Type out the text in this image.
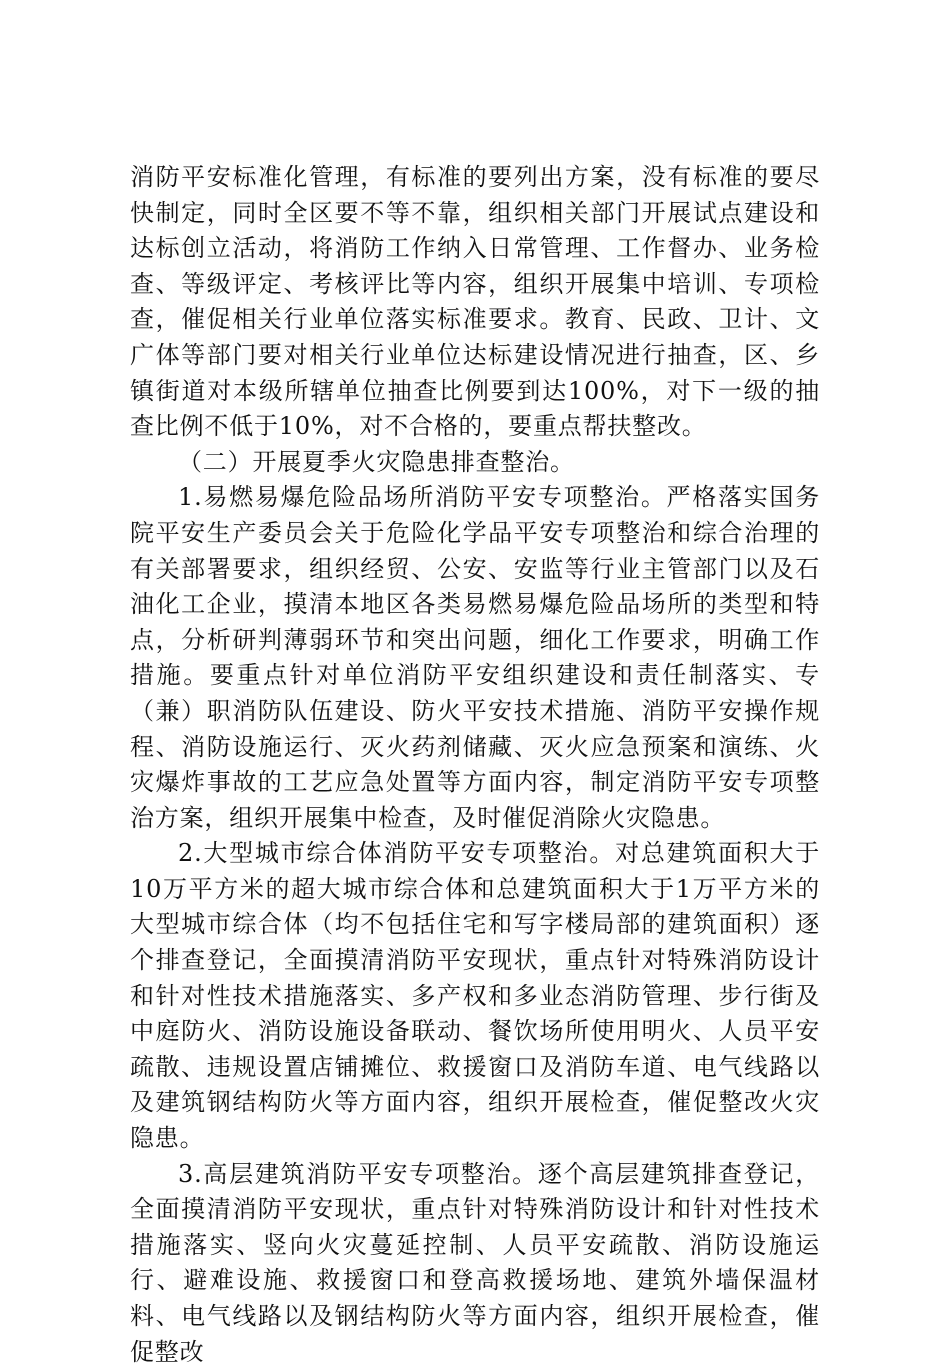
消防平安标准化管理，有标准的要列出方案，没有标准的要尽快制定，同时全区要不等不靠，组织相关部门开展试点建设和达标创立活动，将消防工作纳入日常管理、工作督办、业务检查、等级评定、考核评比等内容，组织开展集中培训、专项检查，催促相关行业单位落实标准要求。教育、民政、卫计、文广体等部门要对相关行业单位达标建设情况进行抽查，区、乡镇街道对本级所辖单位抽查比例要到达100%，对下一级的抽查比例不低于10%，对不合格的，要重点帮扶整改。

（二）开展夏季火灾隐患排查整治。

1.易燃易爆危险品场所消防平安专项整治。严格落实国务院平安生产委员会关于危险化学品平安专项整治和综合治理的有关部署要求，组织经贸、公安、安监等行业主管部门以及石油化工企业，摸清本地区各类易燃易爆危险品场所的类型和特点，分析研判薄弱环节和突出问题，细化工作要求，明确工作措施。要重点针对单位消防平安组织建设和责任制落实、专（兼）职消防队伍建设、防火平安技术措施、消防平安操作规程、消防设施运行、灭火药剂储藏、灭火应急预案和演练、火灾爆炸事故的工艺应急处置等方面内容，制定消防平安专项整治方案，组织开展集中检查，及时催促消除火灾隐患。

2.大型城市综合体消防平安专项整治。对总建筑面积大于10万平方米的超大城市综合体和总建筑面积大于1万平方米的大型城市综合体（均不包括住宅和写字楼局部的建筑面积）逐个排查登记，全面摸清消防平安现状，重点针对特殊消防设计和针对性技术措施落实、多产权和多业态消防管理、步行街及中庭防火、消防设施设备联动、餐饮场所使用明火、人员平安疏散、违规设置店铺摊位、救援窗口及消防车道、电气线路以及建筑钢结构防火等方面内容，组织开展检查，催促整改火灾隐患。

3.高层建筑消防平安专项整治。逐个高层建筑排查登记，全面摸清消防平安现状，重点针对特殊消防设计和针对性技术措施落实、竖向火灾蔓延控制、人员平安疏散、消防设施运行、避难设施、救援窗口和登高救援场地、建筑外墙保温材料、电气线路以及钢结构防火等方面内容，组织开展检查，催促整改
